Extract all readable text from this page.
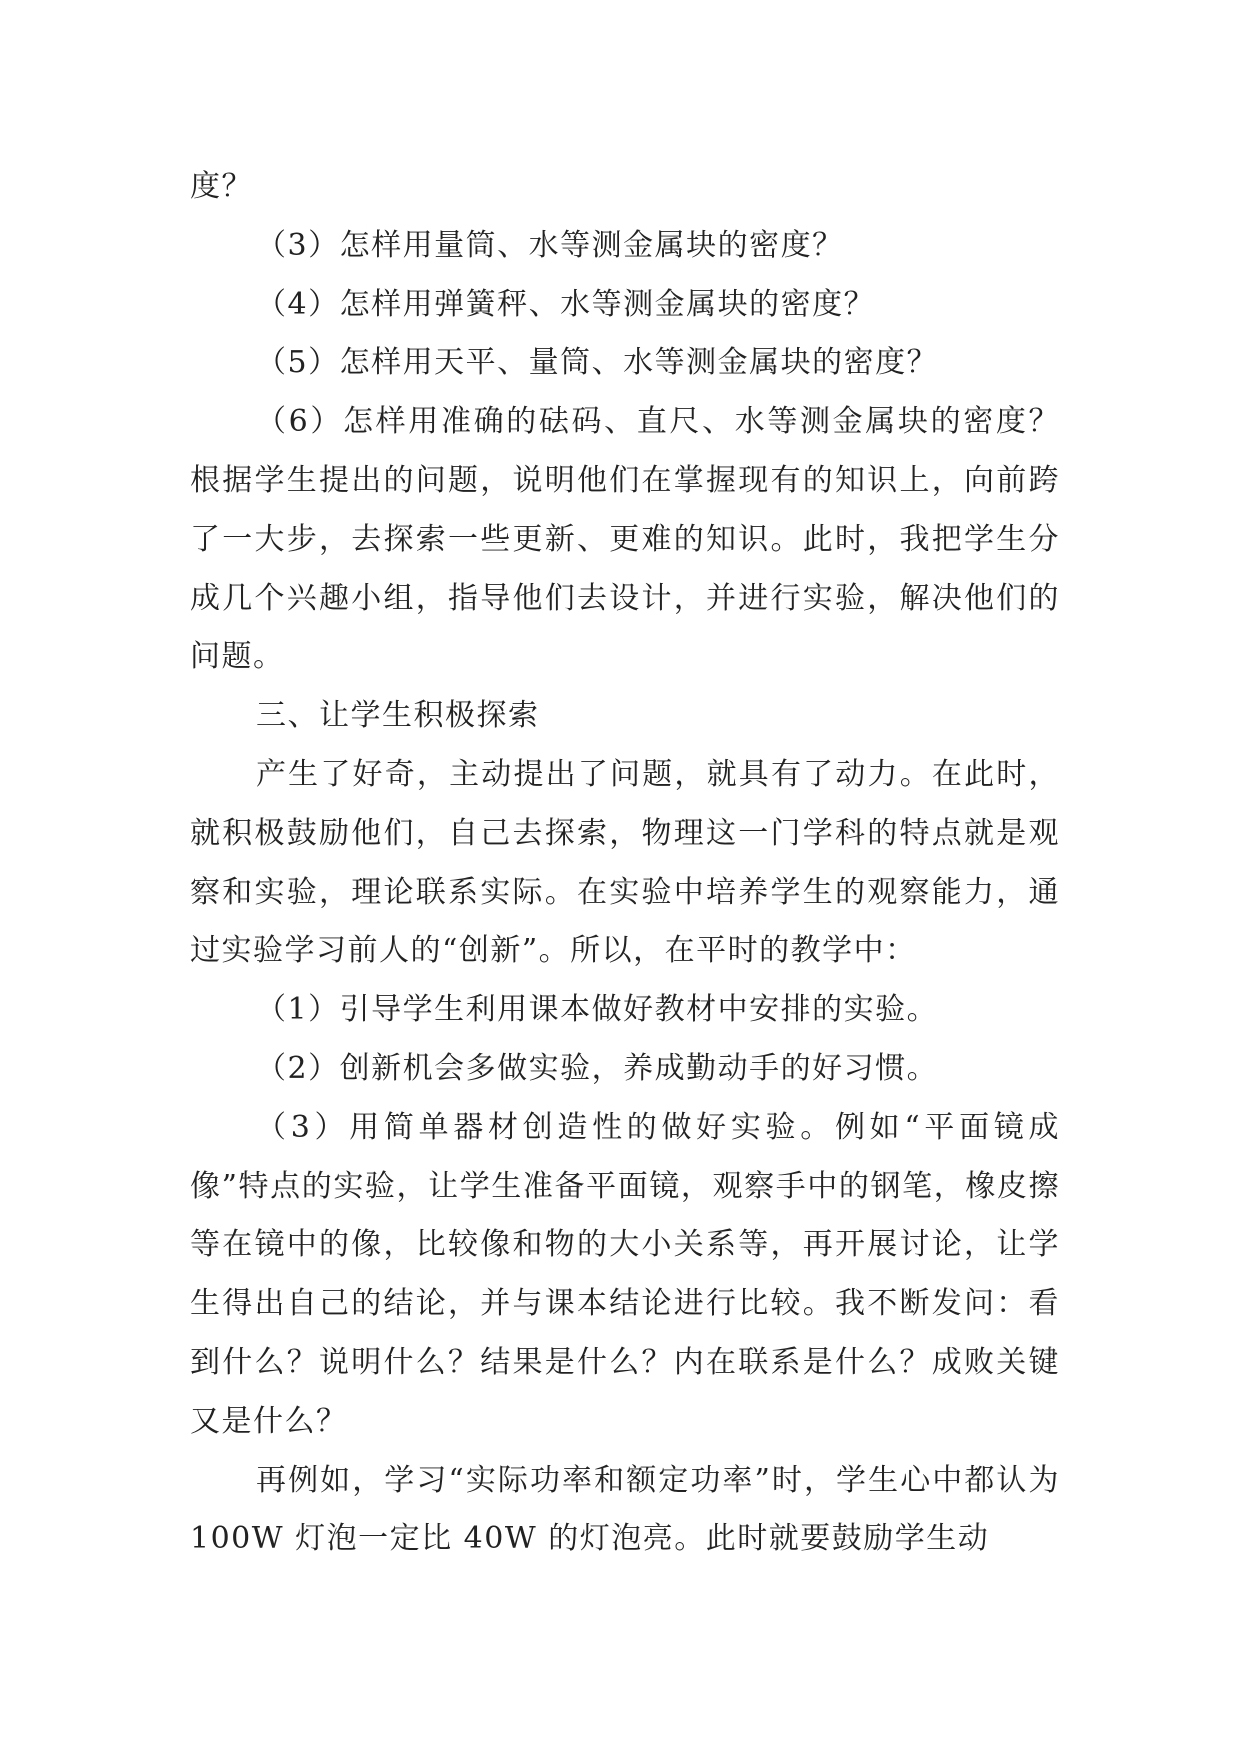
度？

（3）怎样用量筒、水等测金属块的密度？

（4）怎样用弹簧秤、水等测金属块的密度？

（5）怎样用天平、量筒、水等测金属块的密度？

（6）怎样用准确的砝码、直尺、水等测金属块的密度？根据学生提出的问题，说明他们在掌握现有的知识上，向前跨了一大步，去探索一些更新、更难的知识。此时，我把学生分成几个兴趣小组，指导他们去设计，并进行实验，解决他们的问题。

三、让学生积极探索

产生了好奇，主动提出了问题，就具有了动力。在此时，就积极鼓励他们，自己去探索，物理这一门学科的特点就是观察和实验，理论联系实际。在实验中培养学生的观察能力，通过实验学习前人的“创新”。所以，在平时的教学中：

（1）引导学生利用课本做好教材中安排的实验。

（2）创新机会多做实验，养成勤动手的好习惯。

（3）用简单器材创造性的做好实验。例如“平面镜成像”特点的实验，让学生准备平面镜，观察手中的钢笔，橡皮擦等在镜中的像，比较像和物的大小关系等，再开展讨论，让学生得出自己的结论，并与课本结论进行比较。我不断发问：看到什么？说明什么？结果是什么？内在联系是什么？成败关键又是什么？

再例如，学习“实际功率和额定功率”时，学生心中都认为 100W 灯泡一定比 40W 的灯泡亮。此时就要鼓励学生动
